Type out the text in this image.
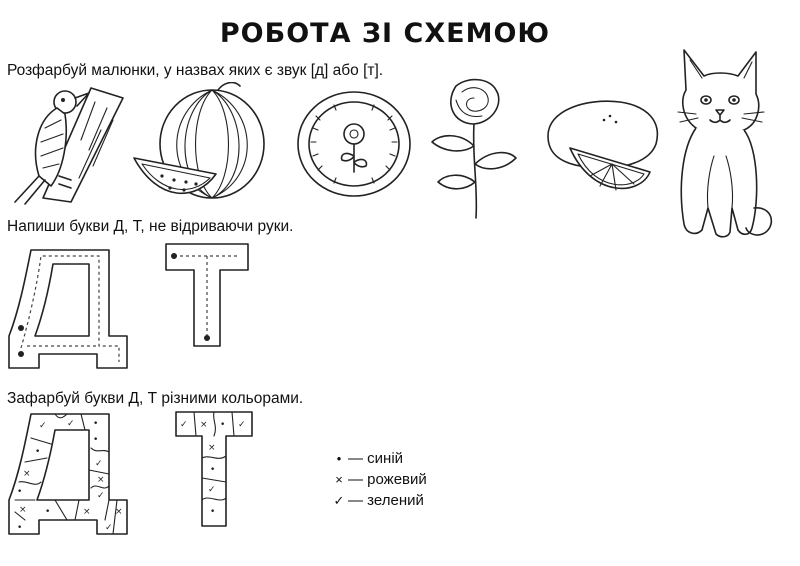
РОБОТА ЗІ СХЕМОЮ
Розфарбуй малюнки, у назвах яких є звук [д] або [т].
Напиши букви Д, Т, не відриваючи руки.
Зафарбуй букви Д, Т різними кольорами.
✓ ✓ •
•
•
✓
×
×
•	✓
× •	×	×
•	✓
✓ × • ✓
×
•
✓
•
• — синій
× — рожевий
✓ — зелений
